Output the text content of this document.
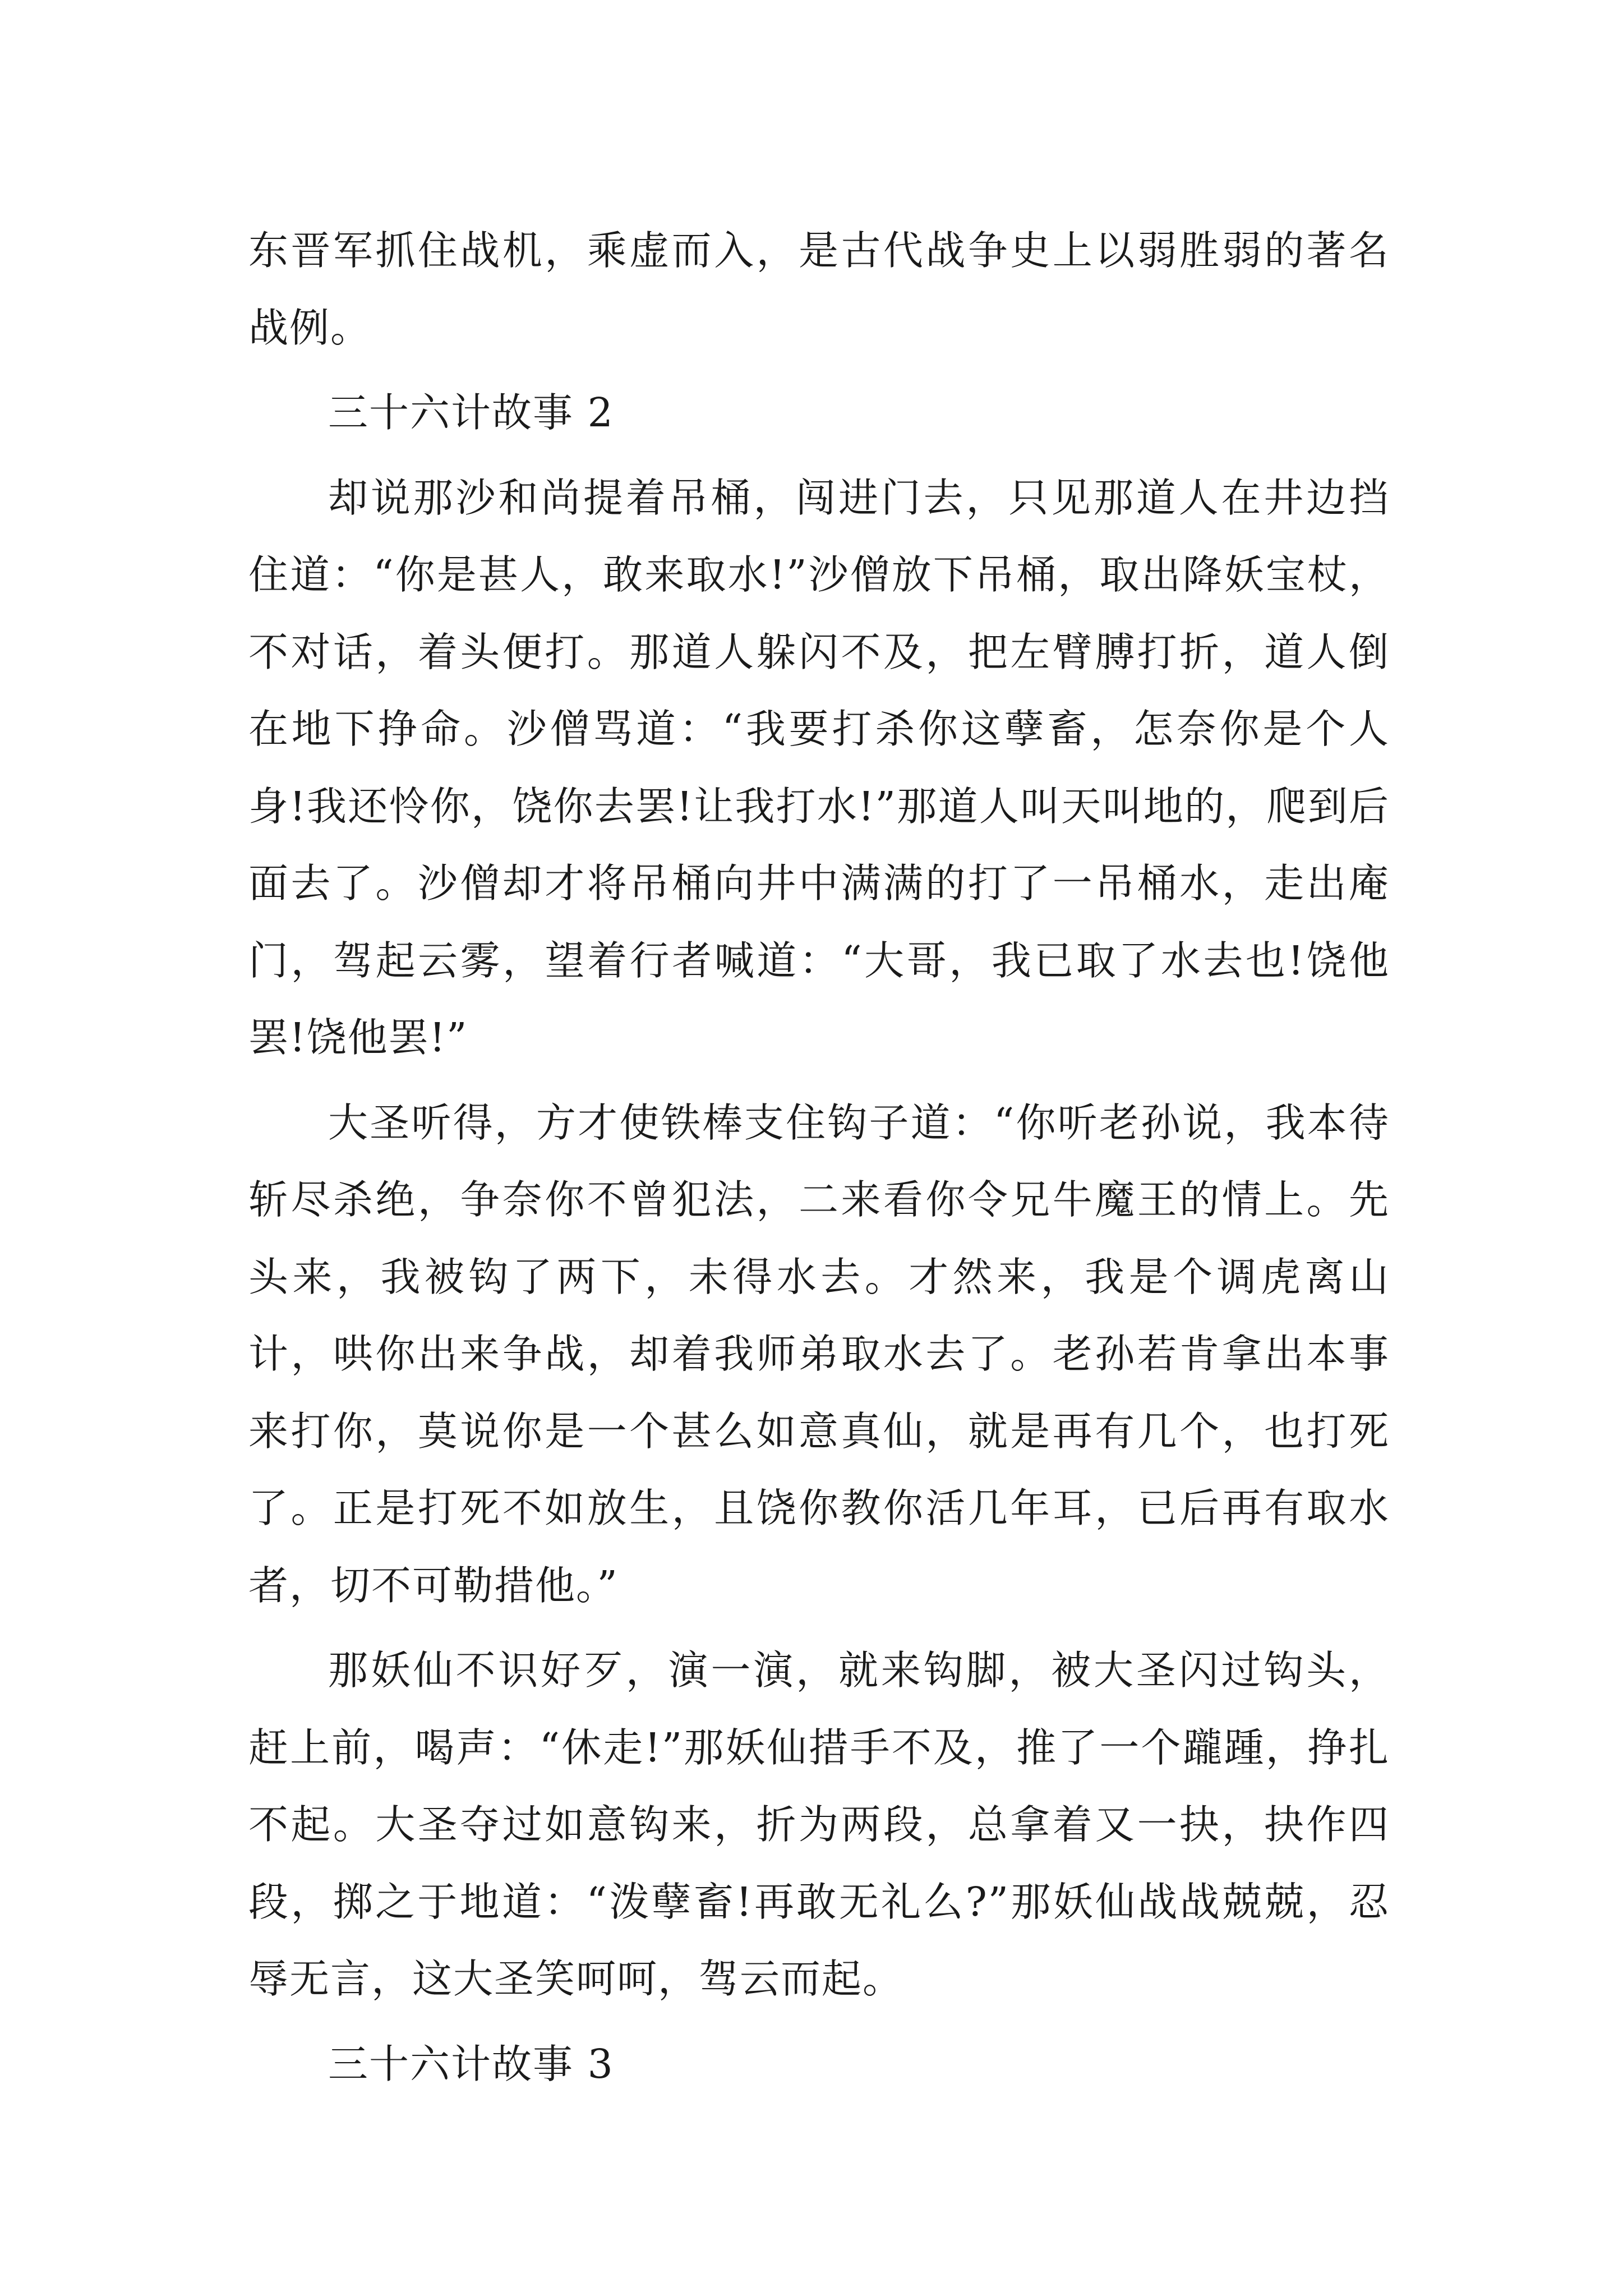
东晋军抓住战机，乘虚而入，是古代战争史上以弱胜弱的著名战例。

三十六计故事 2

却说那沙和尚提着吊桶，闯进门去，只见那道人在井边挡住道：“你是甚人，敢来取水!”沙僧放下吊桶，取出降妖宝杖，不对话，着头便打。那道人躲闪不及，把左臂膊打折，道人倒在地下挣命。沙僧骂道：“我要打杀你这孽畜，怎奈你是个人身!我还怜你，饶你去罢!让我打水!”那道人叫天叫地的，爬到后面去了。沙僧却才将吊桶向井中满满的打了一吊桶水，走出庵门，驾起云雾，望着行者喊道：“大哥，我已取了水去也!饶他罢!饶他罢!”

大圣听得，方才使铁棒支住钩子道：“你听老孙说，我本待斩尽杀绝，争奈你不曾犯法，二来看你令兄牛魔王的情上。先头来，我被钩了两下，未得水去。才然来，我是个调虎离山计，哄你出来争战，却着我师弟取水去了。老孙若肯拿出本事来打你，莫说你是一个甚么如意真仙，就是再有几个，也打死了。正是打死不如放生，且饶你教你活几年耳，已后再有取水者，切不可勒措他。”

那妖仙不识好歹，演一演，就来钩脚，被大圣闪过钩头，赶上前，喝声：“休走!”那妖仙措手不及，推了一个躘踵，挣扎不起。大圣夺过如意钩来，折为两段，总拿着又一抉，抉作四段，掷之于地道：“泼孽畜!再敢无礼么?”那妖仙战战兢兢，忍辱无言，这大圣笑呵呵，驾云而起。

三十六计故事 3
